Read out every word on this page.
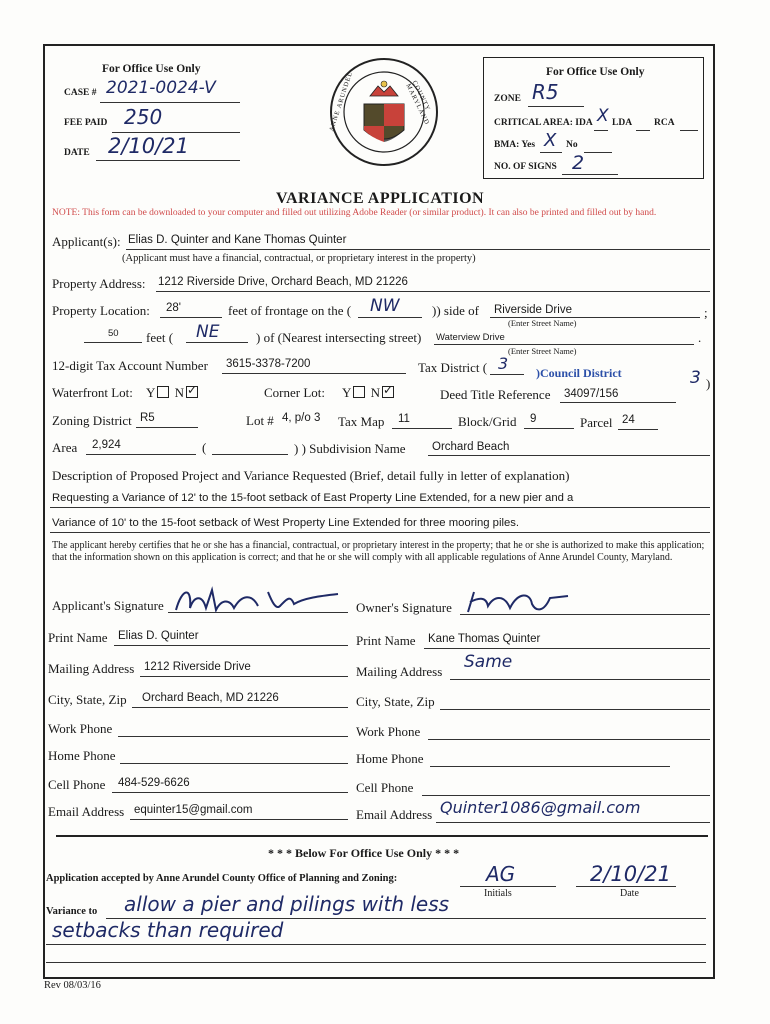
For Office Use Only
CASE # 2021-0024-V
FEE PAID 250
DATE 2/10/21
ANNE ARUNDEL	COUNTY MARYLAND
For Office Use Only
ZONE R5
CRITICAL AREA: IDA X LDA RCA
BMA: Yes X No
NO. OF SIGNS 2
VARIANCE APPLICATION
NOTE: This form can be downloaded to your computer and filled out utilizing Adobe Reader (or similar product). It can also be printed and filled out by hand.
Applicant(s): Elias D. Quinter and Kane Thomas Quinter
(Applicant must have a financial, contractual, or proprietary interest in the property)
Property Address: 1212 Riverside Drive, Orchard Beach, MD 21226
Property Location: 28'	feet of frontage on the ( NW )) side of Riverside Drive	;
(Enter Street Name)
50 feet ( NE	) of (Nearest intersecting street) Waterview Drive	.
(Enter Street Name)
12-digit Tax Account Number 3615-3378-7200	Tax District ( 3 )Council District	3 )
Waterfront Lot: Y N ✓	Corner Lot: Y N ✓	Deed Title Reference 34097/156
Zoning District R5	Lot # 4, p/o 3 Tax Map 11	Block/Grid 9	Parcel 24
Area 2,924	(	) ) Subdivision Name Orchard Beach
Description of Proposed Project and Variance Requested (Brief, detail fully in letter of explanation)
Requesting a Variance of 12' to the 15-foot setback of East Property Line Extended, for a new pier and a
Variance of 10' to the 15-foot setback of West Property Line Extended for three mooring piles.
The applicant hereby certifies that he or she has a financial, contractual, or proprietary interest in the property; that he or she is authorized to make this application; that the information shown on this application is correct; and that he or she will comply with all applicable regulations of Anne Arundel County, Maryland.
Applicant's Signature	Owner's Signature
Print Name Elias D. Quinter	Print Name Kane Thomas Quinter
Mailing Address 1212 Riverside Drive	Mailing Address Same
City, State, Zip Orchard Beach, MD 21226	City, State, Zip
Work Phone	Work Phone
Home Phone	Home Phone
Cell Phone 484-529-6626	Cell Phone
Email Address equinter15@gmail.com	Email Address Quinter1086@gmail.com
* * * Below For Office Use Only * * *
Application accepted by Anne Arundel County Office of Planning and Zoning:	AG	2/10/21
Initials	Date
Variance to allow a pier and pilings with less
setbacks than required
Rev 08/03/16
